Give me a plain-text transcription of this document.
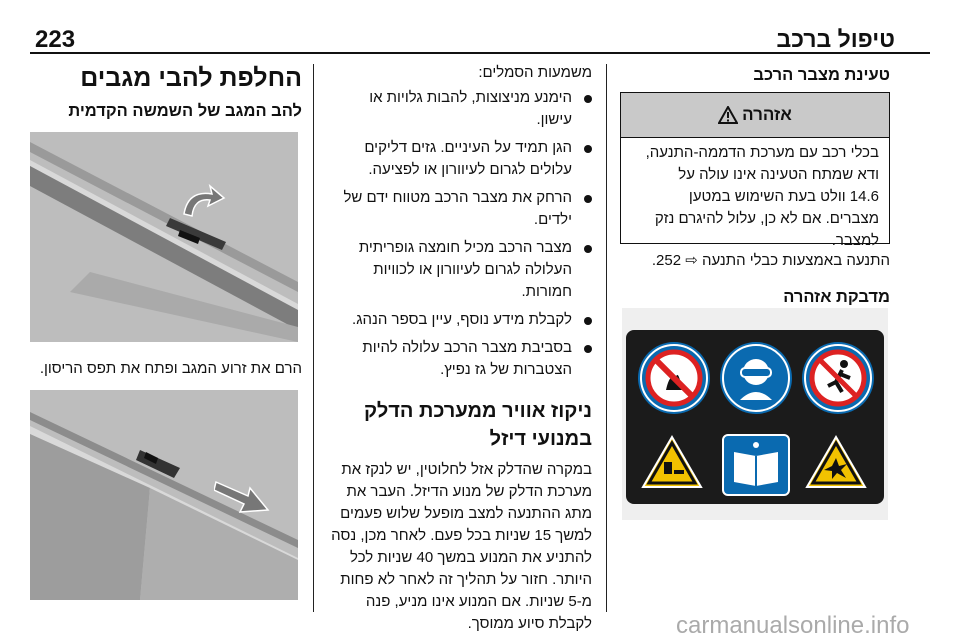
223	טיפול ברכב
טעינת מצבר הרכב
אזהרה
בכלי רכב עם מערכת הדממה-התנעה,
ודא שמתח הטעינה אינו עולה על
14.6 וולט בעת השימוש במטען
מצברים. אם לא כן, עלול להיגרם נזק
למצבר.
התנעה באמצעות כבלי התנעה ⇨ 252.
מדבקת אזהרה
משמעות הסמלים:
הימנע מניצוצות, להבות גלויות או
עישון.
הגן תמיד על העיניים. גזים דליקים
עלולים לגרום לעיוורון או לפציעה.
הרחק את מצבר הרכב מטווח ידם של
ילדים.
מצבר הרכב מכיל חומצה גופריתית
העלולה לגרום לעיוורון או לכוויות
חמורות.
לקבלת מידע נוסף, עיין בספר הנהג.
בסביבת מצבר הרכב עלולה להיות
הצטברות של גז נפיץ.
ניקוז אוויר ממערכת הדלק
במנועי דיזל
במקרה שהדלק אזל לחלוטין, יש לנקז את
מערכת הדלק של מנוע הדיזל. העבר את
מתג ההתנעה למצב מופעל שלוש פעמים
למשך 15 שניות בכל פעם. לאחר מכן, נסה
להתניע את המנוע במשך 40 שניות לכל
היותר. חזור על תהליך זה לאחר לא פחות
מ-5 שניות. אם המנוע אינו מניע, פנה
לקבלת סיוע ממוסך.
החלפת להבי מגבים
להב המגב של השמשה הקדמית
הרם את זרוע המגב ופתח את תפס הריסון.
carmanualsonline.info
